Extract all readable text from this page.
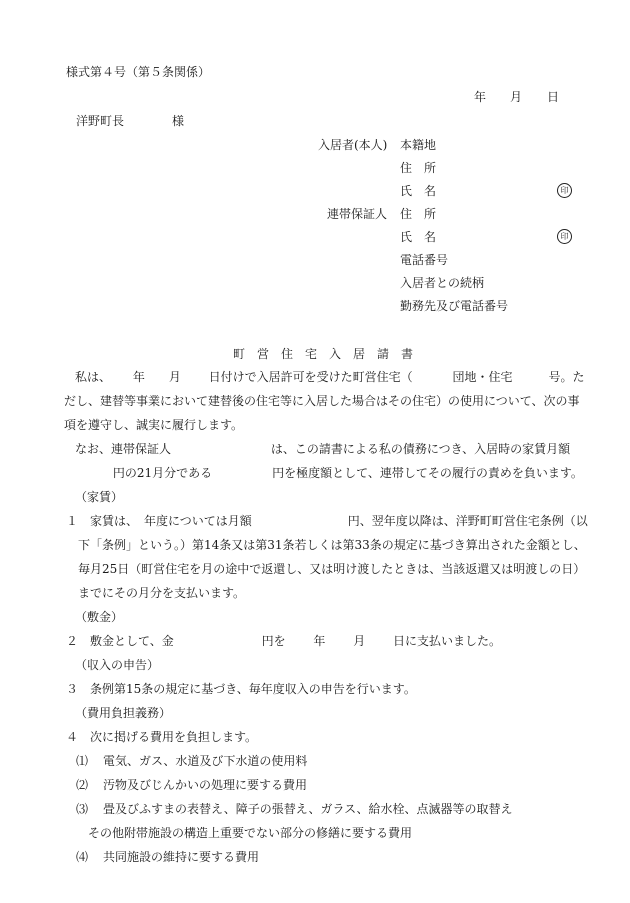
様式第４号（第５条関係）
年 月 日
洋野町長	様
入居者(本人) 本籍地
住　所
氏　名	印
連帯保証人 住　所
氏　名	印
電話番号
入居者との続柄
勤務先及び電話番号
町営住宅入居請書
私は、　　 年　　月　　 日付けで入居許可を受けた町営住宅（　　　 団地・住宅　　　号。た
だし、建替等事業において建替後の住宅等に入居した場合はその住宅）の使用について、次の事
項を遵守し、誠実に履行します。
なお、連帯保証人　　　　　　　　 は、この請書による私の債務につき、入居時の家賃月額
　 円の21月分である　　　　　円を極度額として、連帯してその履行の責めを負います。
（家賃）
１ 家賃は、　年度については月額　　　　　　　　円、翌年度以降は、洋野町町営住宅条例（以
下「条例」という。）第14条又は第31条若しくは第33条の規定に基づき算出された金額とし、
毎月25日（町営住宅を月の途中で返還し、又は明け渡したときは、当該返還又は明渡しの日）
までにその月分を支払います。
（敷金）
２ 敷金として、金　　　　　　　 円を　　 年　　 月　　 日に支払いました。
（収入の申告）
３ 条例第15条の規定に基づき、毎年度収入の申告を行います。
（費用負担義務）
４ 次に掲げる費用を負担します。
⑴ 電気、ガス、水道及び下水道の使用料
⑵ 汚物及びじんかいの処理に要する費用
⑶ 畳及びふすまの表替え、障子の張替え、ガラス、給水栓、点滅器等の取替え
その他附帯施設の構造上重要でない部分の修繕に要する費用
⑷ 共同施設の維持に要する費用
